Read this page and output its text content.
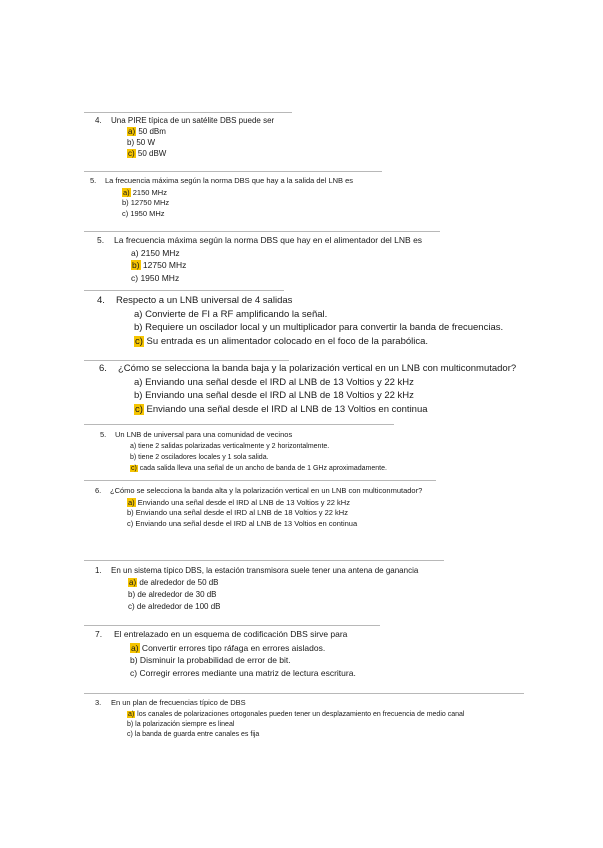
4. Una PIRE típica de un satélite DBS puede ser
a) 50 dBm
b) 50 W
c) 50 dBW
5. La frecuencia máxima según la norma DBS que hay a la salida del LNB es
a) 2150 MHz
b) 12750 MHz
c) 1950 MHz
5. La frecuencia máxima según la norma DBS que hay en el alimentador del LNB es
a) 2150 MHz
b) 12750 MHz
c) 1950 MHz
4. Respecto a un LNB universal de 4 salidas
a) Convierte de FI a RF amplificando la señal.
b) Requiere un oscilador local y un multiplicador para convertir la banda de frecuencias.
c) Su entrada es un alimentador colocado en el foco de la parabólica.
6. ¿Cómo se selecciona la banda baja y la polarización vertical en un LNB con multiconmutador?
a) Enviando una señal desde el IRD al LNB de 13 Voltios y 22 kHz
b) Enviando una señal desde el IRD al LNB de 18 Voltios y 22 kHz
c) Enviando una señal desde el IRD al LNB de 13 Voltios en continua
5. Un LNB de universal para una comunidad de vecinos
a) tiene 2 salidas polarizadas verticalmente y 2 horizontalmente.
b) tiene 2 osciladores locales y 1 sola salida.
c) cada salida lleva una señal de un ancho de banda de 1 GHz aproximadamente.
6. ¿Cómo se selecciona la banda alta y la polarización vertical en un LNB con multiconmutador?
a) Enviando una señal desde el IRD al LNB de 13 Voltios y 22 kHz
b) Enviando una señal desde el IRD al LNB de 18 Voltios y 22 kHz
c) Enviando una señal desde el IRD al LNB de 13 Voltios en continua
1. En un sistema típico DBS, la estación transmisora suele tener una antena de ganancia
a) de alrededor de 50 dB
b) de alrededor de 30 dB
c) de alrededor de 100 dB
7. El entrelazado en un esquema de codificación DBS sirve para
a) Convertir errores tipo ráfaga en errores aislados.
b) Disminuir la probabilidad de error de bit.
c) Corregir errores mediante una matriz de lectura escritura.
3. En un plan de frecuencias típico de DBS
a) los canales de polarizaciones ortogonales pueden tener un desplazamiento en frecuencia de medio canal
b) la polarización siempre es lineal
c) la banda de guarda entre canales es fija
